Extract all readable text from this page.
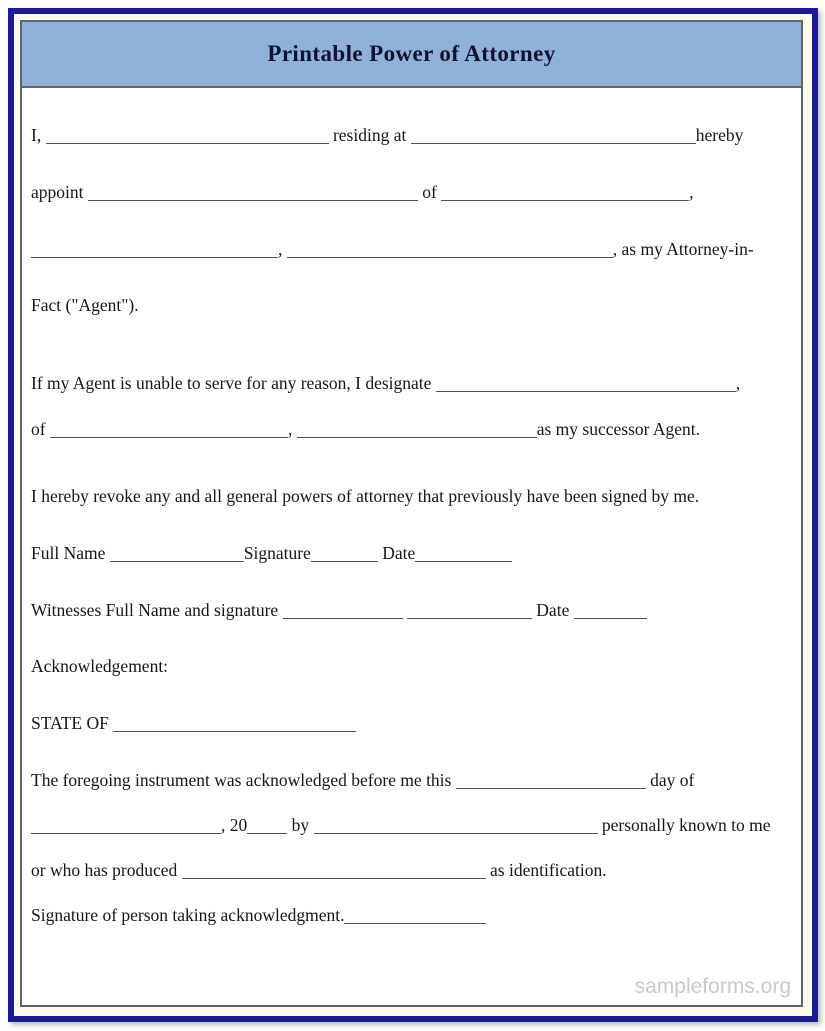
Printable Power of Attorney
I,	residing at	hereby
appoint	of	,
,	, as my Attorney-in-
Fact ("Agent").
If my Agent is unable to serve for any reason, I designate	,
of	,	as my successor Agent.
I hereby revoke any and all general powers of attorney that previously have been signed by me.
Full Name	Signature	Date
Witnesses Full Name and signature	Date
Acknowledgement:
STATE OF
The foregoing instrument was acknowledged before me this	day of
, 20 by	personally known to me
or who has produced	as identification.
Signature of person taking acknowledgment.
sampleforms.org
